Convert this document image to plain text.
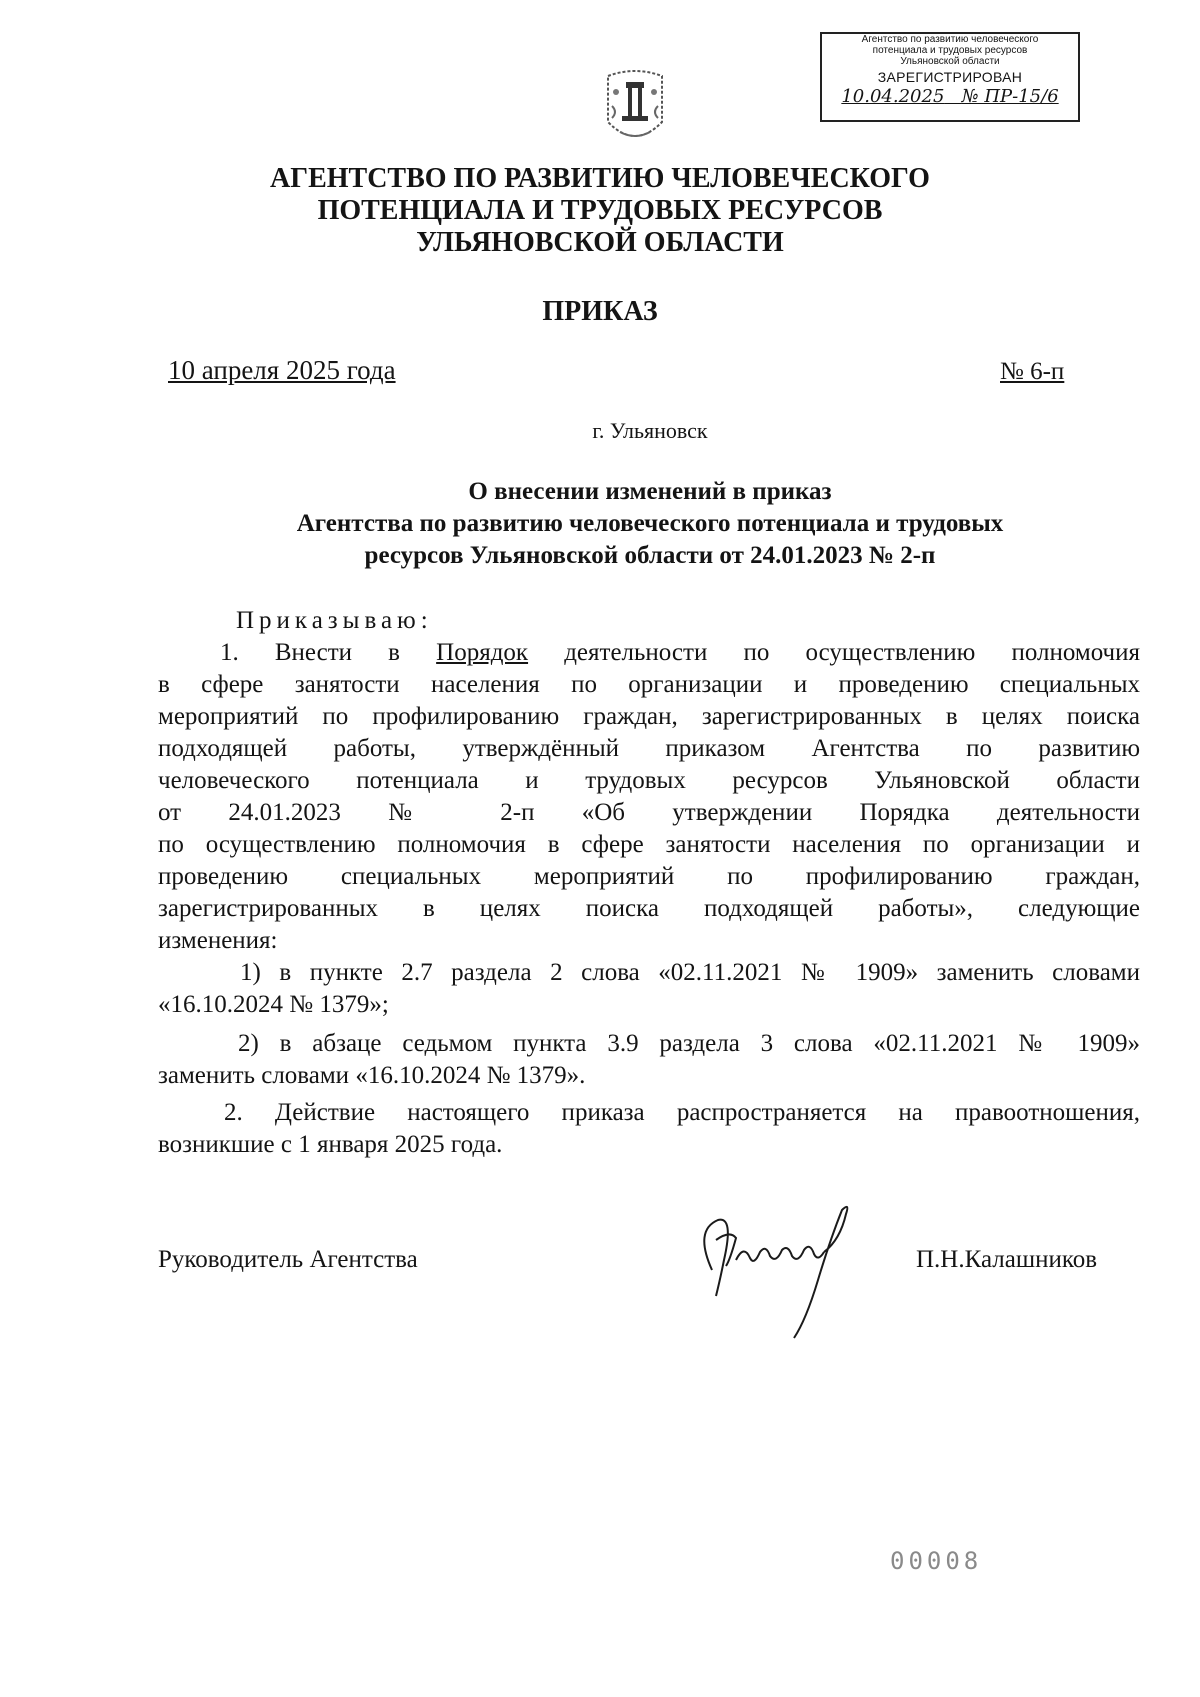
Агентство по развитию человеческого
потенциала и трудовых ресурсов
Ульяновской области
ЗАРЕГИСТРИРОВАН
10.04.2025 № ПР-15/6
АГЕНТСТВО ПО РАЗВИТИЮ ЧЕЛОВЕЧЕСКОГО
ПОТЕНЦИАЛА И ТРУДОВЫХ РЕСУРСОВ
УЛЬЯНОВСКОЙ ОБЛАСТИ
ПРИКАЗ
10 апреля 2025 года	№ 6-п
г. Ульяновск
О внесении изменений в приказ
Агентства по развитию человеческого потенциала и трудовых
ресурсов Ульяновской области от 24.01.2023 № 2-п
Приказываю:
1. Внести в Порядок деятельности по осуществлению полномочия
в сфере занятости населения по организации и проведению специальных
мероприятий по профилированию граждан, зарегистрированных в целях поиска
подходящей работы, утверждённый приказом Агентства по развитию
человеческого потенциала и трудовых ресурсов Ульяновской области
от 24.01.2023 № 2-п «Об утверждении Порядка деятельности
по осуществлению полномочия в сфере занятости населения по организации и
проведению специальных мероприятий по профилированию граждан,
зарегистрированных в целях поиска подходящей работы», следующие
изменения:
1) в пункте 2.7 раздела 2 слова «02.11.2021 № 1909» заменить словами
«16.10.2024 № 1379»;
2) в абзаце седьмом пункта 3.9 раздела 3 слова «02.11.2021 № 1909»
заменить словами «16.10.2024 № 1379».
2. Действие настоящего приказа распространяется на правоотношения,
возникшие с 1 января 2025 года.
Руководитель Агентства	П.Н.Калашников
00008
